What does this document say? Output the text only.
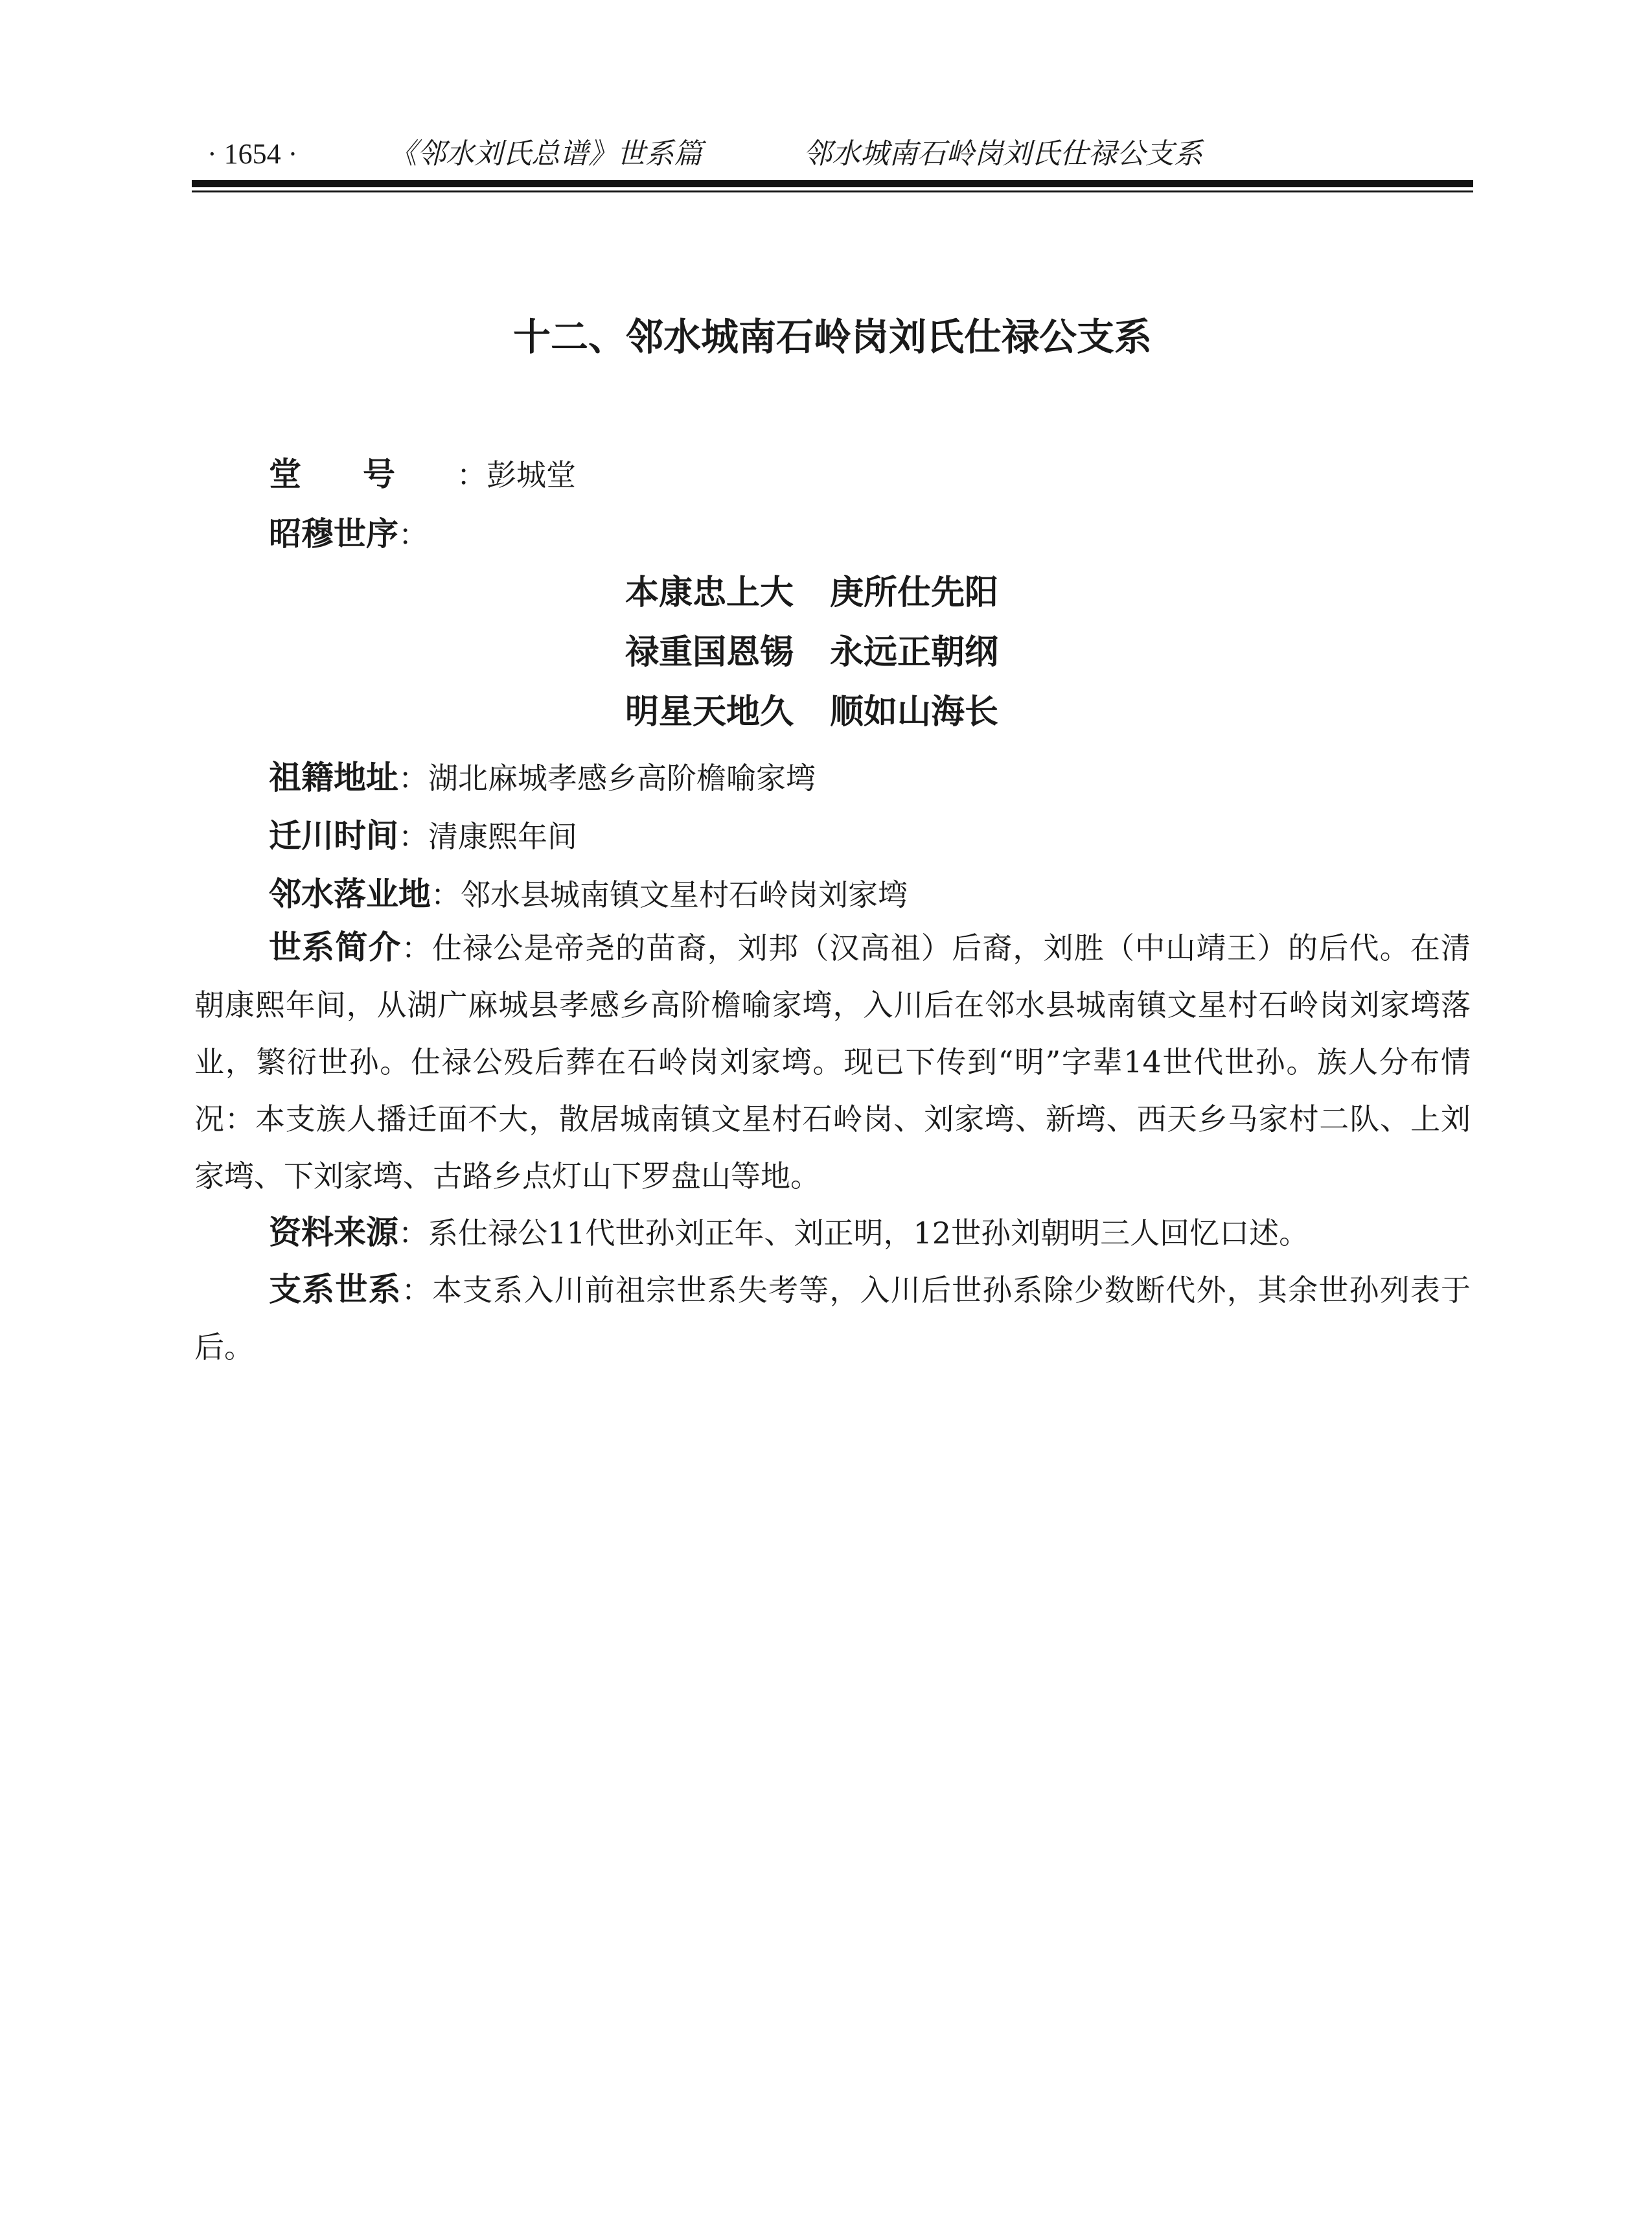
· 1654 ·	《邻水刘氏总谱》世系篇	邻水城南石岭岗刘氏仕禄公支系
十二、邻水城南石岭岗刘氏仕禄公支系
堂号：彭城堂
昭穆世序：
本康忠上大 庚所仕先阳
禄重国恩锡 永远正朝纲
明星天地久 顺如山海长
祖籍地址：湖北麻城孝感乡高阶檐喻家塆
迁川时间：清康熙年间
邻水落业地：邻水县城南镇文星村石岭岗刘家塆

世系简介：仕禄公是帝尧的苗裔，刘邦（汉高祖）后裔，刘胜（中山靖王）的后代。在清朝康熙年间，从湖广麻城县孝感乡高阶檐喻家塆，入川后在邻水县城南镇文星村石岭岗刘家塆落业，繁衍世孙。仕禄公殁后葬在石岭岗刘家塆。现已下传到“明”字辈14世代世孙。族人分布情况：本支族人播迁面不大，散居城南镇文星村石岭岗、刘家塆、新塆、西天乡马家村二队、上刘家塆、下刘家塆、古路乡点灯山下罗盘山等地。

资料来源：系仕禄公11代世孙刘正年、刘正明，12世孙刘朝明三人回忆口述。

支系世系：本支系入川前祖宗世系失考等，入川后世孙系除少数断代外，其余世孙列表于后。
